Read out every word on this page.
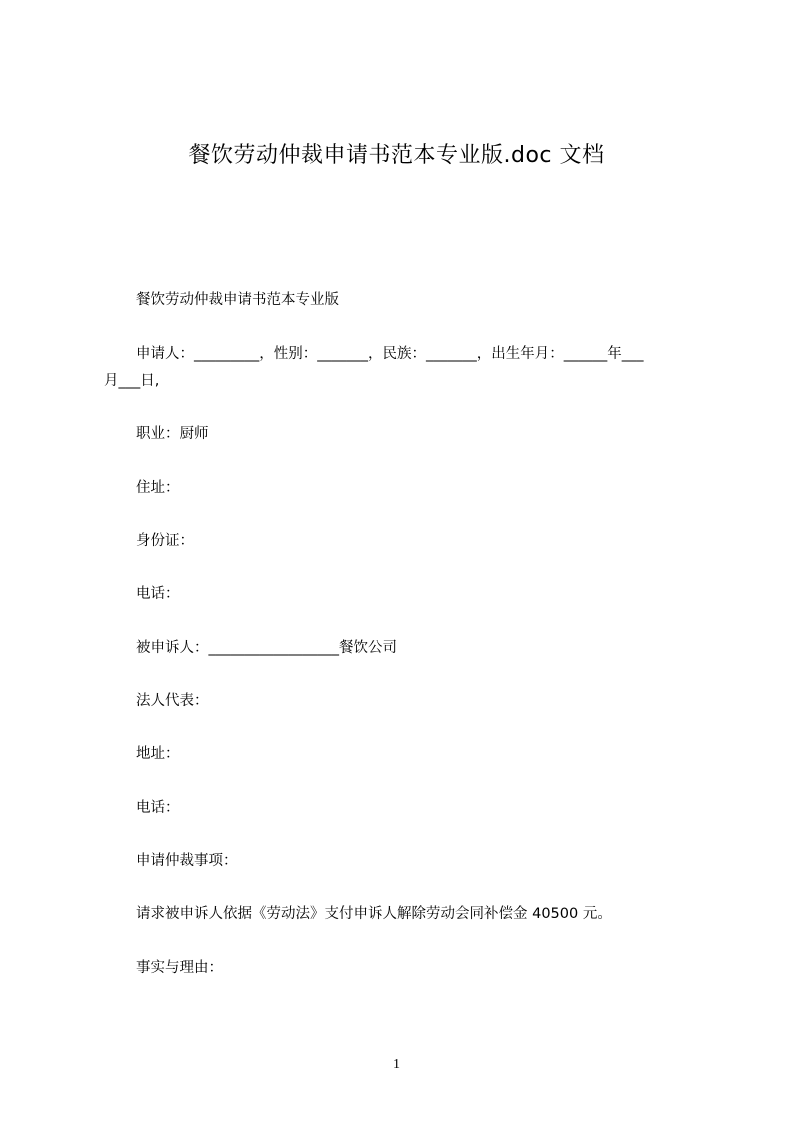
餐饮劳动仲裁申请书范本专业版.doc 文档
餐饮劳动仲裁申请书范本专业版
申请人：_________，性别：_______，民族：_______，出生年月：______年___
月___日,
职业：厨师
住址：
身份证：
电话：
被申诉人：__________________餐饮公司
法人代表：
地址：
电话：
申请仲裁事项：
请求被申诉人依据《劳动法》支付申诉人解除劳动会同补偿金 40500 元。
事实与理由：
1
